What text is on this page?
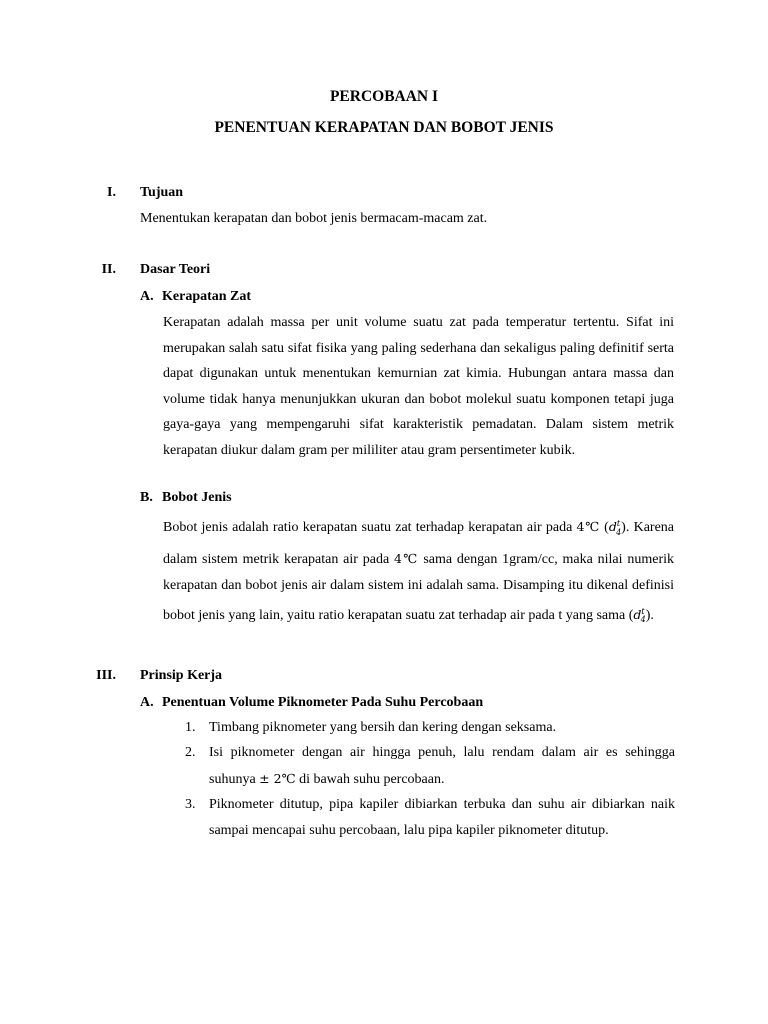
PERCOBAAN I
PENENTUAN KERAPATAN DAN BOBOT JENIS
I. Tujuan
Menentukan kerapatan dan bobot jenis bermacam-macam zat.
II. Dasar Teori
A. Kerapatan Zat

Kerapatan adalah massa per unit volume suatu zat pada temperatur tertentu. Sifat ini merupakan salah satu sifat fisika yang paling sederhana dan sekaligus paling definitif serta dapat digunakan untuk menentukan kemurnian zat kimia. Hubungan antara massa dan volume tidak hanya menunjukkan ukuran dan bobot molekul suatu komponen tetapi juga gaya-gaya yang mempengaruhi sifat karakteristik pemadatan. Dalam sistem metrik kerapatan diukur dalam gram per mililiter atau gram persentimeter kubik.

B. Bobot Jenis

Bobot jenis adalah ratio kerapatan suatu zat terhadap kerapatan air pada 4℃ $(d^t_4)$. Karena dalam sistem metrik kerapatan air pada 4℃ sama dengan 1gram/cc, maka nilai numerik kerapatan dan bobot jenis air dalam sistem ini adalah sama. Disamping itu dikenal definisi bobot jenis yang lain, yaitu ratio kerapatan suatu zat terhadap air pada t yang sama $(d^t_4)$.

III. Prinsip Kerja
A. Penentuan Volume Piknometer Pada Suhu Percobaan
1. Timbang piknometer yang bersih dan kering dengan seksama.
2. Isi piknometer dengan air hingga penuh, lalu rendam dalam air es sehingga suhunya ± 2℃ di bawah suhu percobaan.
3. Piknometer ditutup, pipa kapiler dibiarkan terbuka dan suhu air dibiarkan naik sampai mencapai suhu percobaan, lalu pipa kapiler piknometer ditutup.
